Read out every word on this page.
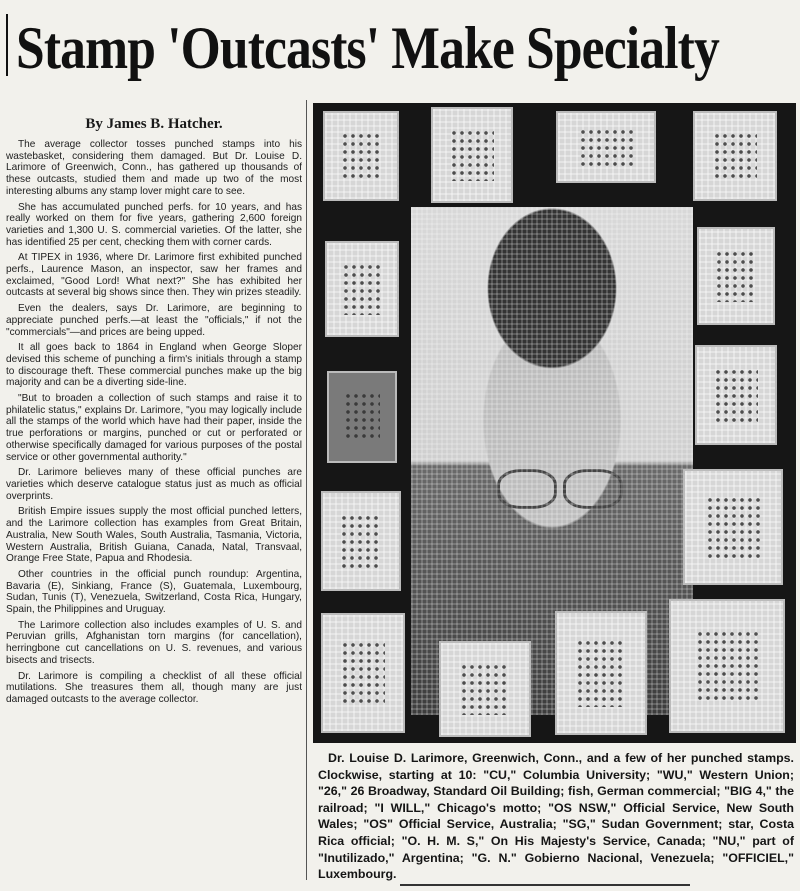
Stamp 'Outcasts' Make Specialty
By James B. Hatcher.

The average collector tosses punched stamps into his wastebasket, considering them damaged. But Dr. Louise D. Larimore of Greenwich, Conn., has gathered up thousands of these outcasts, studied them and made up two of the most interesting albums any stamp lover might care to see.

She has accumulated punched perfs. for 10 years, and has really worked on them for five years, gathering 2,600 foreign varieties and 1,300 U. S. commercial varieties. Of the latter, she has identified 25 per cent, checking them with corner cards.

At TIPEX in 1936, where Dr. Larimore first exhibited punched perfs., Laurence Mason, an inspector, saw her frames and exclaimed, "Good Lord! What next?" She has exhibited her outcasts at several big shows since then. They win prizes steadily.

Even the dealers, says Dr. Larimore, are beginning to appreciate punched perfs.—at least the "officials," if not the "commercials"—and prices are being upped.

It all goes back to 1864 in England when George Sloper devised this scheme of punching a firm's initials through a stamp to discourage theft. These commercial punches make up the big majority and can be a diverting side-line.

"But to broaden a collection of such stamps and raise it to philatelic status," explains Dr. Larimore, "you may logically include all the stamps of the world which have had their paper, inside the true perforations or margins, punched or cut or perforated or otherwise specifically damaged for various purposes of the postal service or other governmental authority."

Dr. Larimore believes many of these official punches are varieties which deserve catalogue status just as much as official overprints.

British Empire issues supply the most official punched letters, and the Larimore collection has examples from Great Britain, Australia, New South Wales, South Australia, Tasmania, Victoria, Western Australia, British Guiana, Canada, Natal, Transvaal, Orange Free State, Papua and Rhodesia.

Other countries in the official punch roundup: Argentina, Bavaria (E), Sinkiang, France (S), Guatemala, Luxembourg, Sudan, Tunis (T), Venezuela, Switzerland, Costa Rica, Hungary, Spain, the Philippines and Uruguay.

The Larimore collection also includes examples of U. S. and Peruvian grills, Afghanistan torn margins (for cancellation), herringbone cut cancellations on U. S. revenues, and various bisects and trisects.

Dr. Larimore is compiling a checklist of all these official mutilations. She treasures them all, though many are just damaged outcasts to the average collector.

Dr. Louise D. Larimore, Greenwich, Conn., and a few of her punched stamps. Clockwise, starting at 10: "CU," Columbia University; "WU," Western Union; "26," 26 Broadway, Standard Oil Building; fish, German commercial; "BIG 4," the railroad; "I WILL," Chicago's motto; "OS NSW," Official Service, New South Wales; "OS" Official Service, Australia; "SG," Sudan Government; star, Costa Rica official; "O. H. M. S," On His Majesty's Service, Canada; "NU," part of "Inutilizado," Argentina; "G. N." Gobierno Nacional, Venezuela; "OFFICIEL," Luxembourg.
